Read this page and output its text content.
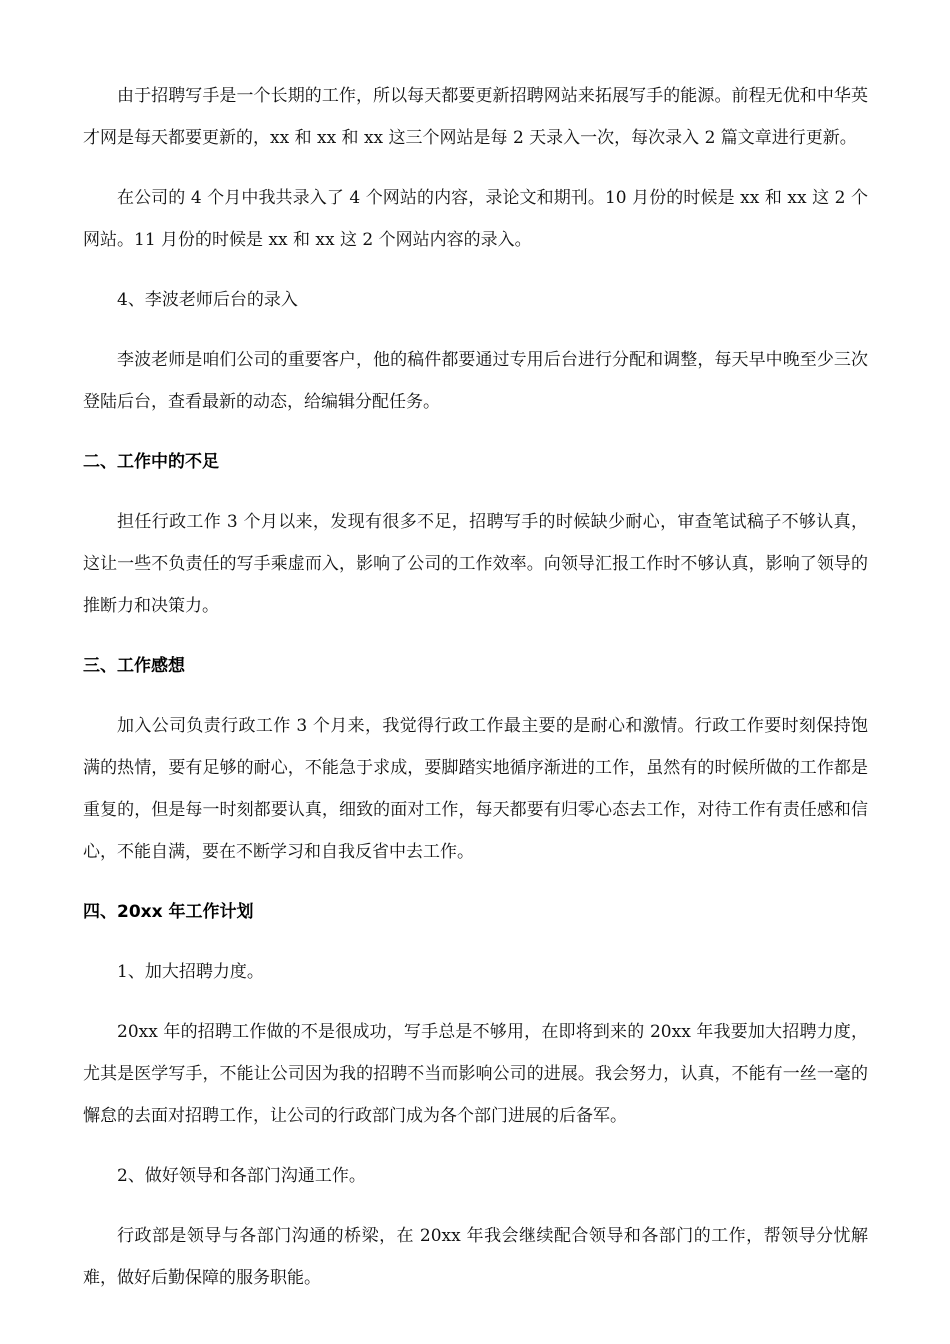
由于招聘写手是一个长期的工作，所以每天都要更新招聘网站来拓展写手的能源。前程无优和中华英才网是每天都要更新的，xx 和 xx 和 xx 这三个网站是每 2 天录入一次，每次录入 2 篇文章进行更新。

在公司的 4 个月中我共录入了 4 个网站的内容，录论文和期刊。10 月份的时候是 xx 和 xx 这 2 个网站。11 月份的时候是 xx 和 xx 这 2 个网站内容的录入。

4、李波老师后台的录入

李波老师是咱们公司的重要客户，他的稿件都要通过专用后台进行分配和调整，每天早中晚至少三次登陆后台，查看最新的动态，给编辑分配任务。

二、工作中的不足

担任行政工作 3 个月以来，发现有很多不足，招聘写手的时候缺少耐心，审查笔试稿子不够认真，这让一些不负责任的写手乘虚而入，影响了公司的工作效率。向领导汇报工作时不够认真，影响了领导的推断力和决策力。

三、工作感想

加入公司负责行政工作 3 个月来，我觉得行政工作最主要的是耐心和激情。行政工作要时刻保持饱满的热情，要有足够的耐心，不能急于求成，要脚踏实地循序渐进的工作，虽然有的时候所做的工作都是重复的，但是每一时刻都要认真，细致的面对工作，每天都要有归零心态去工作，对待工作有责任感和信心，不能自满，要在不断学习和自我反省中去工作。

四、20xx 年工作计划

1、加大招聘力度。

20xx 年的招聘工作做的不是很成功，写手总是不够用，在即将到来的 20xx 年我要加大招聘力度，尤其是医学写手，不能让公司因为我的招聘不当而影响公司的进展。我会努力，认真，不能有一丝一毫的懈怠的去面对招聘工作，让公司的行政部门成为各个部门进展的后备军。

2、做好领导和各部门沟通工作。

行政部是领导与各部门沟通的桥梁，在 20xx 年我会继续配合领导和各部门的工作，帮领导分忧解难，做好后勤保障的服务职能。
